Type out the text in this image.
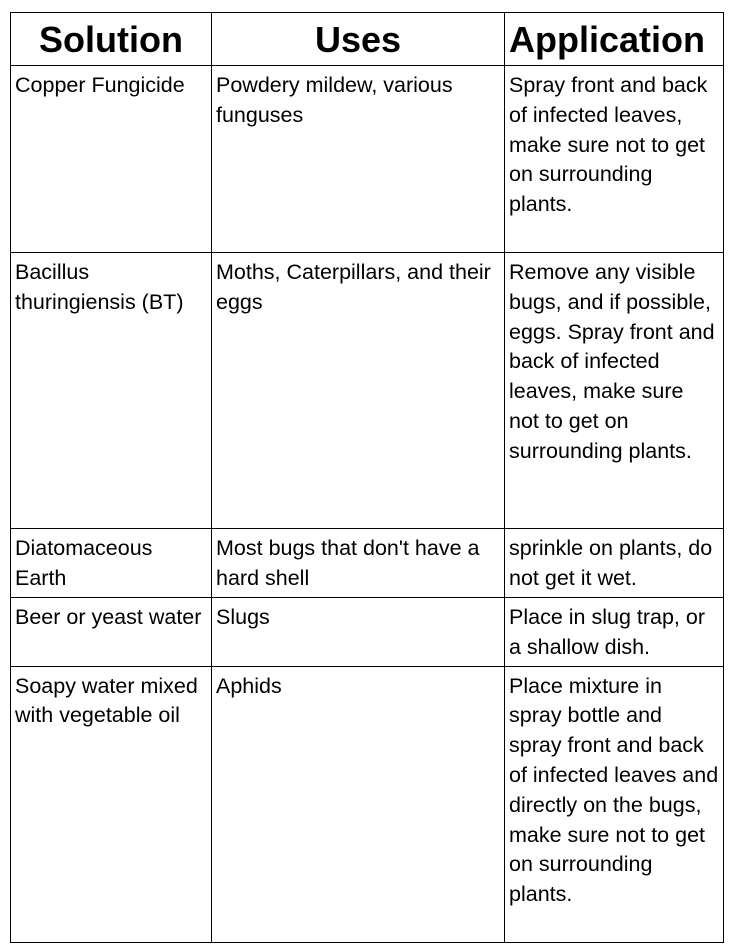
Solution	Uses	Application
Copper Fungicide	Powdery mildew, various funguses	Spray front and back of infected leaves, make sure not to get on surrounding plants.
Bacillus thuringiensis (BT)	Moths, Caterpillars, and their eggs	Remove any visible bugs, and if possible, eggs. Spray front and back of infected leaves, make sure not to get on surrounding plants.
Diatomaceous Earth	Most bugs that don't have a hard shell	sprinkle on plants, do not get it wet.
Beer or yeast water	Slugs	Place in slug trap, or a shallow dish.
Soapy water mixed with vegetable oil	Aphids	Place mixture in spray bottle and spray front and back of infected leaves and directly on the bugs, make sure not to get on surrounding plants.
